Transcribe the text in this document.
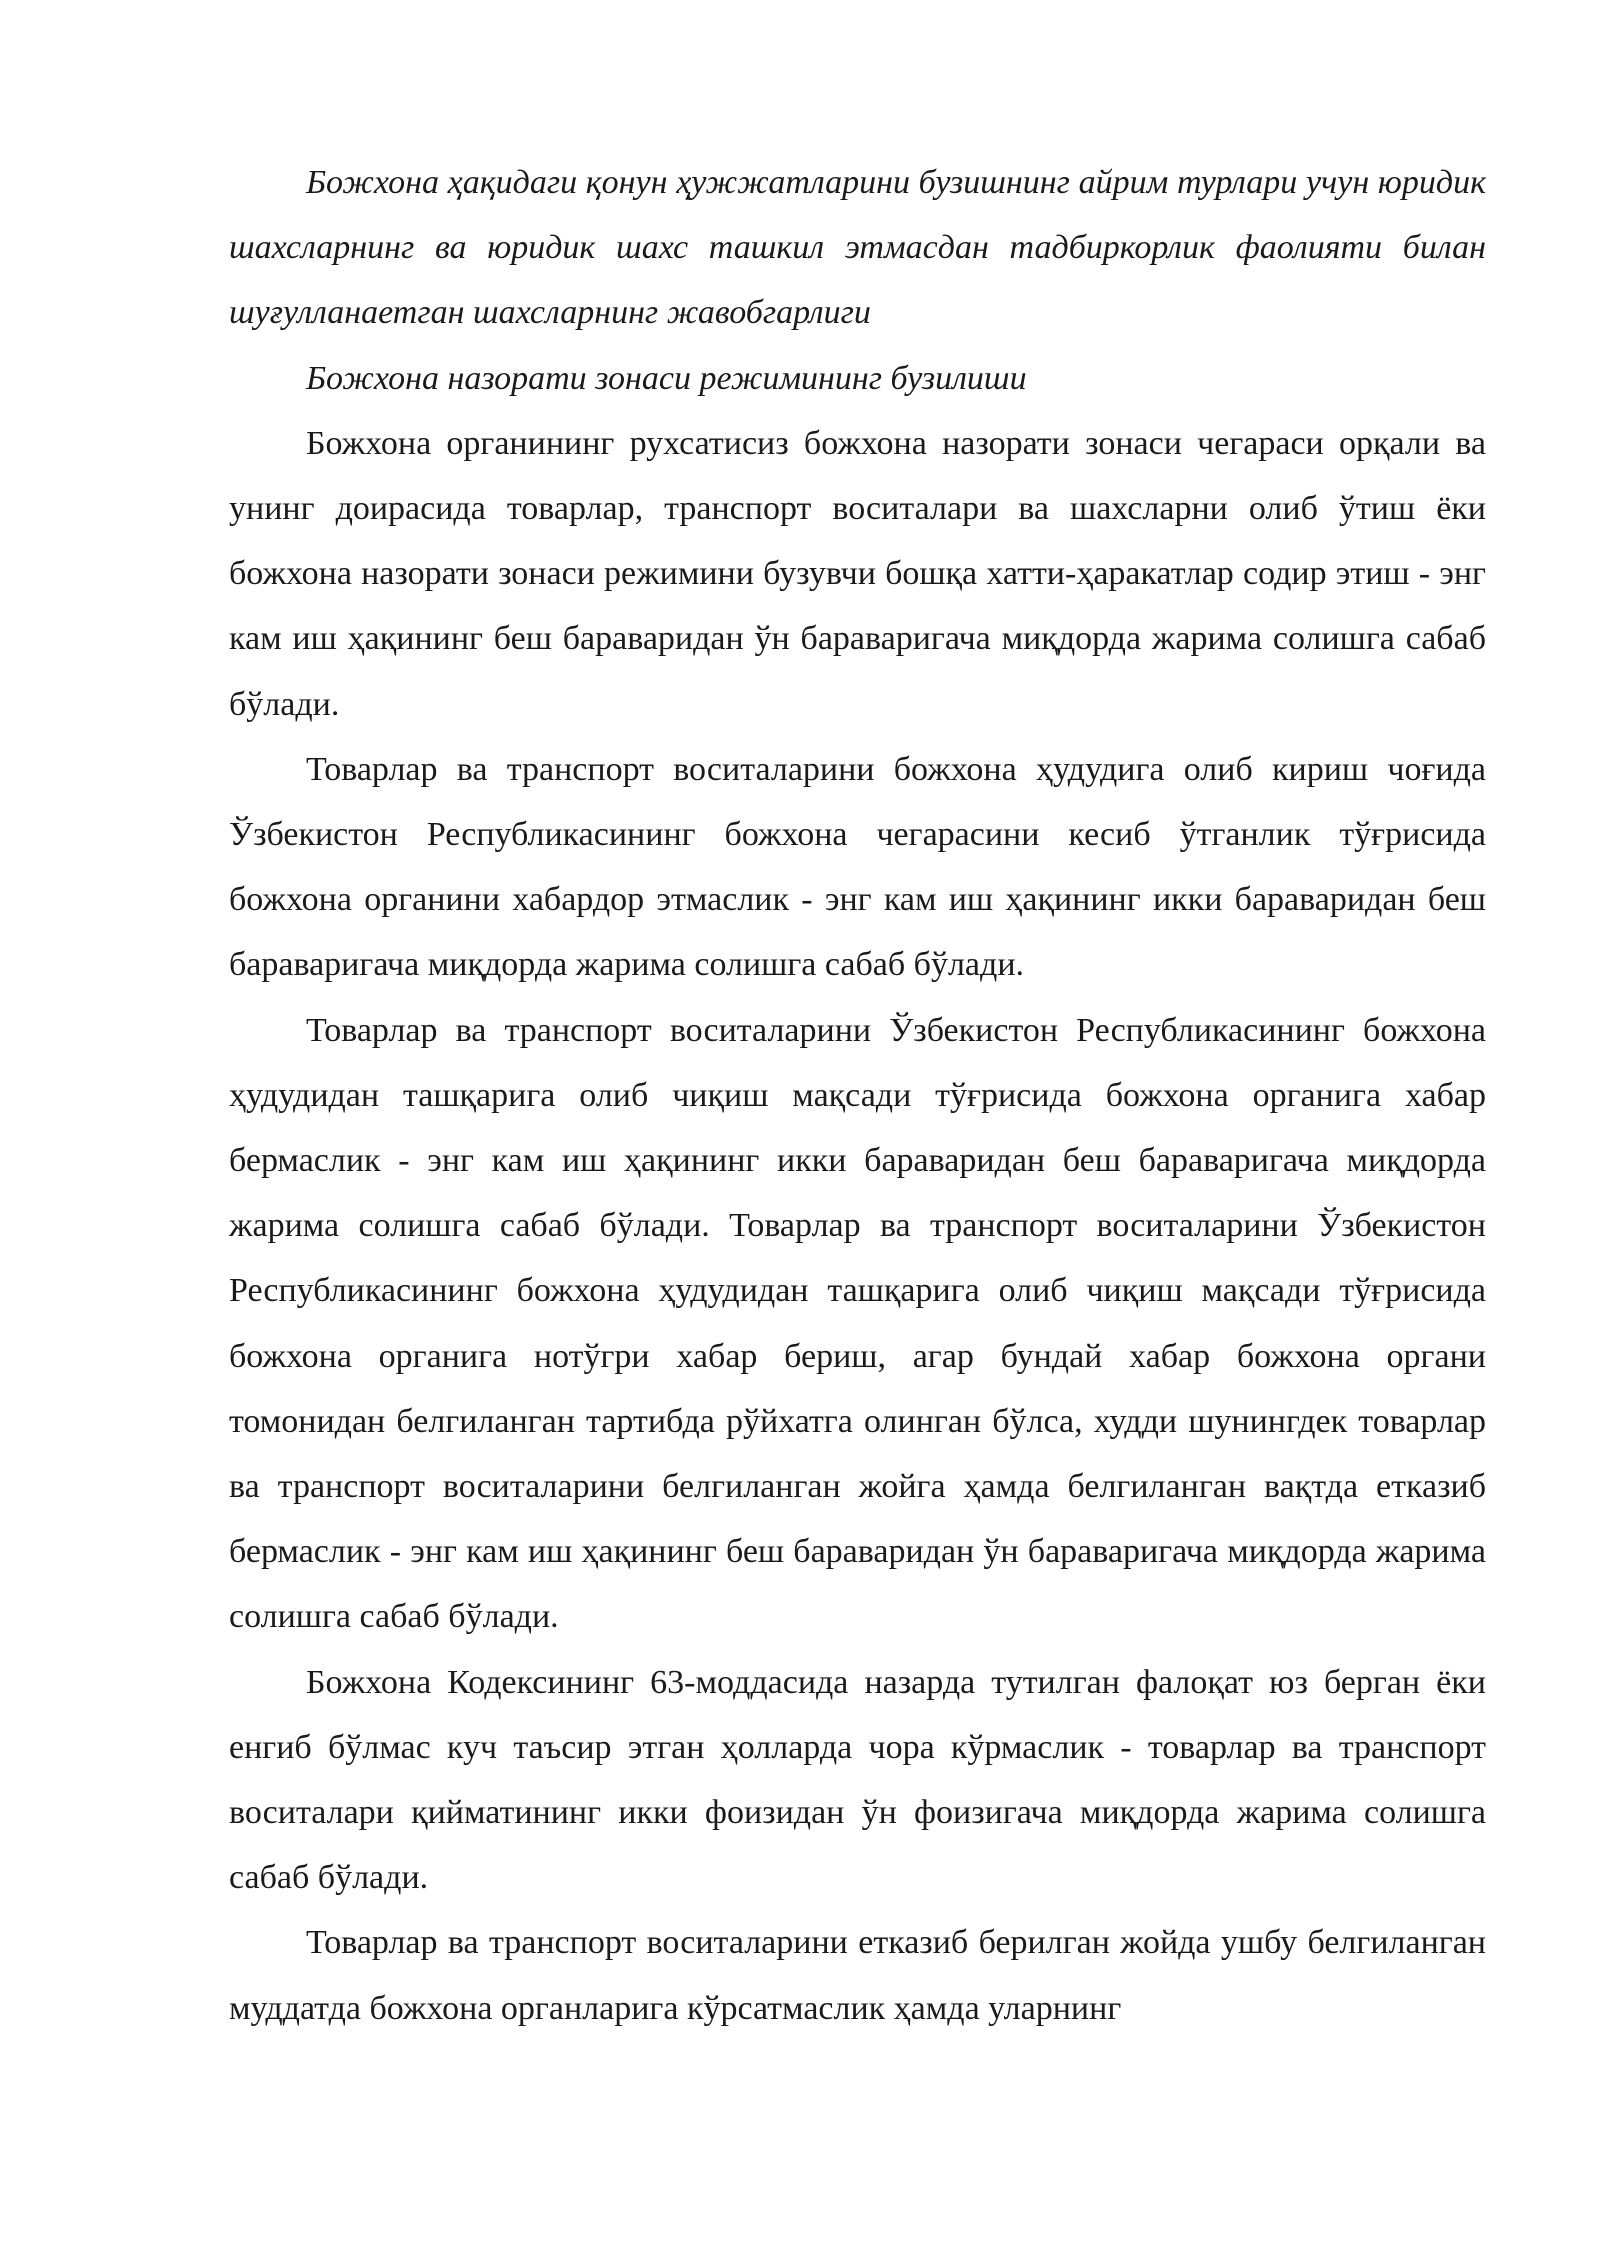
Божхона ҳақидаги қонун ҳужжатларини бузишнинг айрим турлари учун юридик шахсларнинг ва юридик шахс ташкил этмасдан тадбиркорлик фаолияти билан шуғулланаетган шахсларнинг жавобгарлиги

Божхона назорати зонаси режимининг бузилиши

Божхона органининг рухсатисиз божхона назорати зонаси чегараси орқали ва унинг доирасида товарлар, транспорт воситалари ва шахсларни олиб ўтиш ёки божхона назорати зонаси режимини бузувчи бошқа хатти-ҳаракатлар содир этиш - энг кам иш ҳақининг беш бараваридан ўн бараваригача миқдорда жарима солишга сабаб бўлади.

Товарлар ва транспорт воситаларини божхона ҳудудига олиб кириш чоғида Ўзбекистон Республикасининг божхона чегарасини кесиб ўтганлик тўғрисида божхона органини хабардор этмаслик - энг кам иш ҳақининг икки бараваридан беш бараваригача миқдорда жарима солишга сабаб бўлади.

Товарлар ва транспорт воситаларини Ўзбекистон Республикасининг божхона ҳудудидан ташқарига олиб чиқиш мақсади тўғрисида божхона органига хабар бермаслик - энг кам иш ҳақининг икки бараваридан беш бараваригача миқдорда жарима солишга сабаб бўлади. Товарлар ва транспорт воситаларини Ўзбекистон Республикасининг божхона ҳудудидан ташқарига олиб чиқиш мақсади тўғрисида божхона органига нотўгри хабар бериш, агар бундай хабар божхона органи томонидан белгиланган тартибда рўйхатга олинган бўлса, худди шунингдек товарлар ва транспорт воситаларини белгиланган жойга ҳамда белгиланган вақтда етказиб бермаслик - энг кам иш ҳақининг беш бараваридан ўн бараваригача миқдорда жарима солишга сабаб бўлади.

Божхона Кодексининг 63-моддасида назарда тутилган фалоқат юз берган ёки енгиб бўлмас куч таъсир этган ҳолларда чора кўрмаслик - товарлар ва транспорт воситалари қийматининг икки фоизидан ўн фоизигача миқдорда жарима солишга сабаб бўлади.

Товарлар ва транспорт воситаларини етказиб берилган жойда ушбу белгиланган муддатда божхона органларига кўрсатмаслик ҳамда уларнинг
